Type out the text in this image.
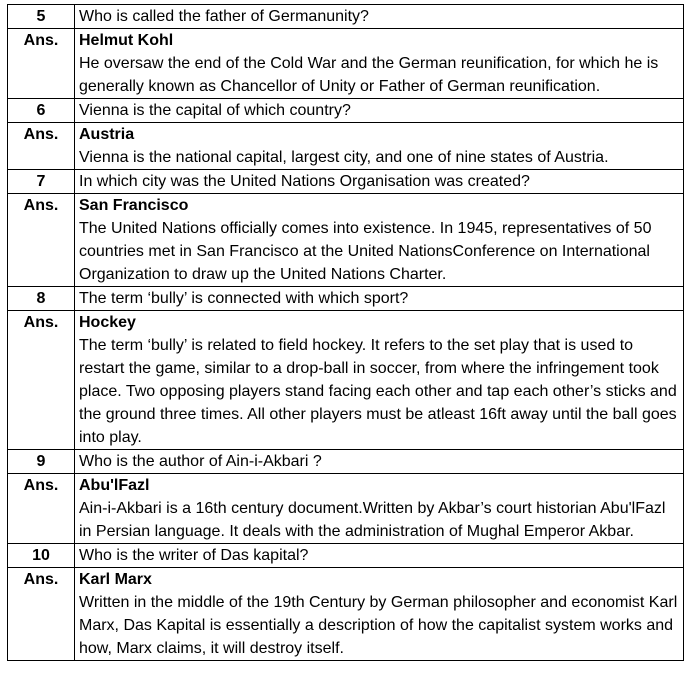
5	Who is called the father of Germanunity?
Ans.	Helmut Kohl
He oversaw the end of the Cold War and the German reunification, for which he is generally known as Chancellor of Unity or Father of German reunification.

6	Vienna is the capital of which country?
Ans.	Austria
Vienna is the national capital, largest city, and one of nine states of Austria.

7	In which city was the United Nations Organisation was created?
Ans.	San Francisco
The United Nations officially comes into existence. In 1945, representatives of 50 countries met in San Francisco at the United NationsConference on International Organization to draw up the United Nations Charter.

8	The term ‘bully’ is connected with which sport?
Ans.	Hockey
The term ‘bully’ is related to field hockey. It refers to the set play that is used to restart the game, similar to a drop-ball in soccer, from where the infringement took place. Two opposing players stand facing each other and tap each other’s sticks and the ground three times. All other players must be atleast 16ft away until the ball goes into play.

9	Who is the author of Ain-i-Akbari ?
Ans.	Abu'lFazl
Ain-i-Akbari is a 16th century document.Written by Akbar’s court historian Abu'lFazl in Persian language. It deals with the administration of Mughal Emperor Akbar.

10	Who is the writer of Das kapital?
Ans.	Karl Marx
Written in the middle of the 19th Century by German philosopher and economist Karl Marx, Das Kapital is essentially a description of how the capitalist system works and how, Marx claims, it will destroy itself.
